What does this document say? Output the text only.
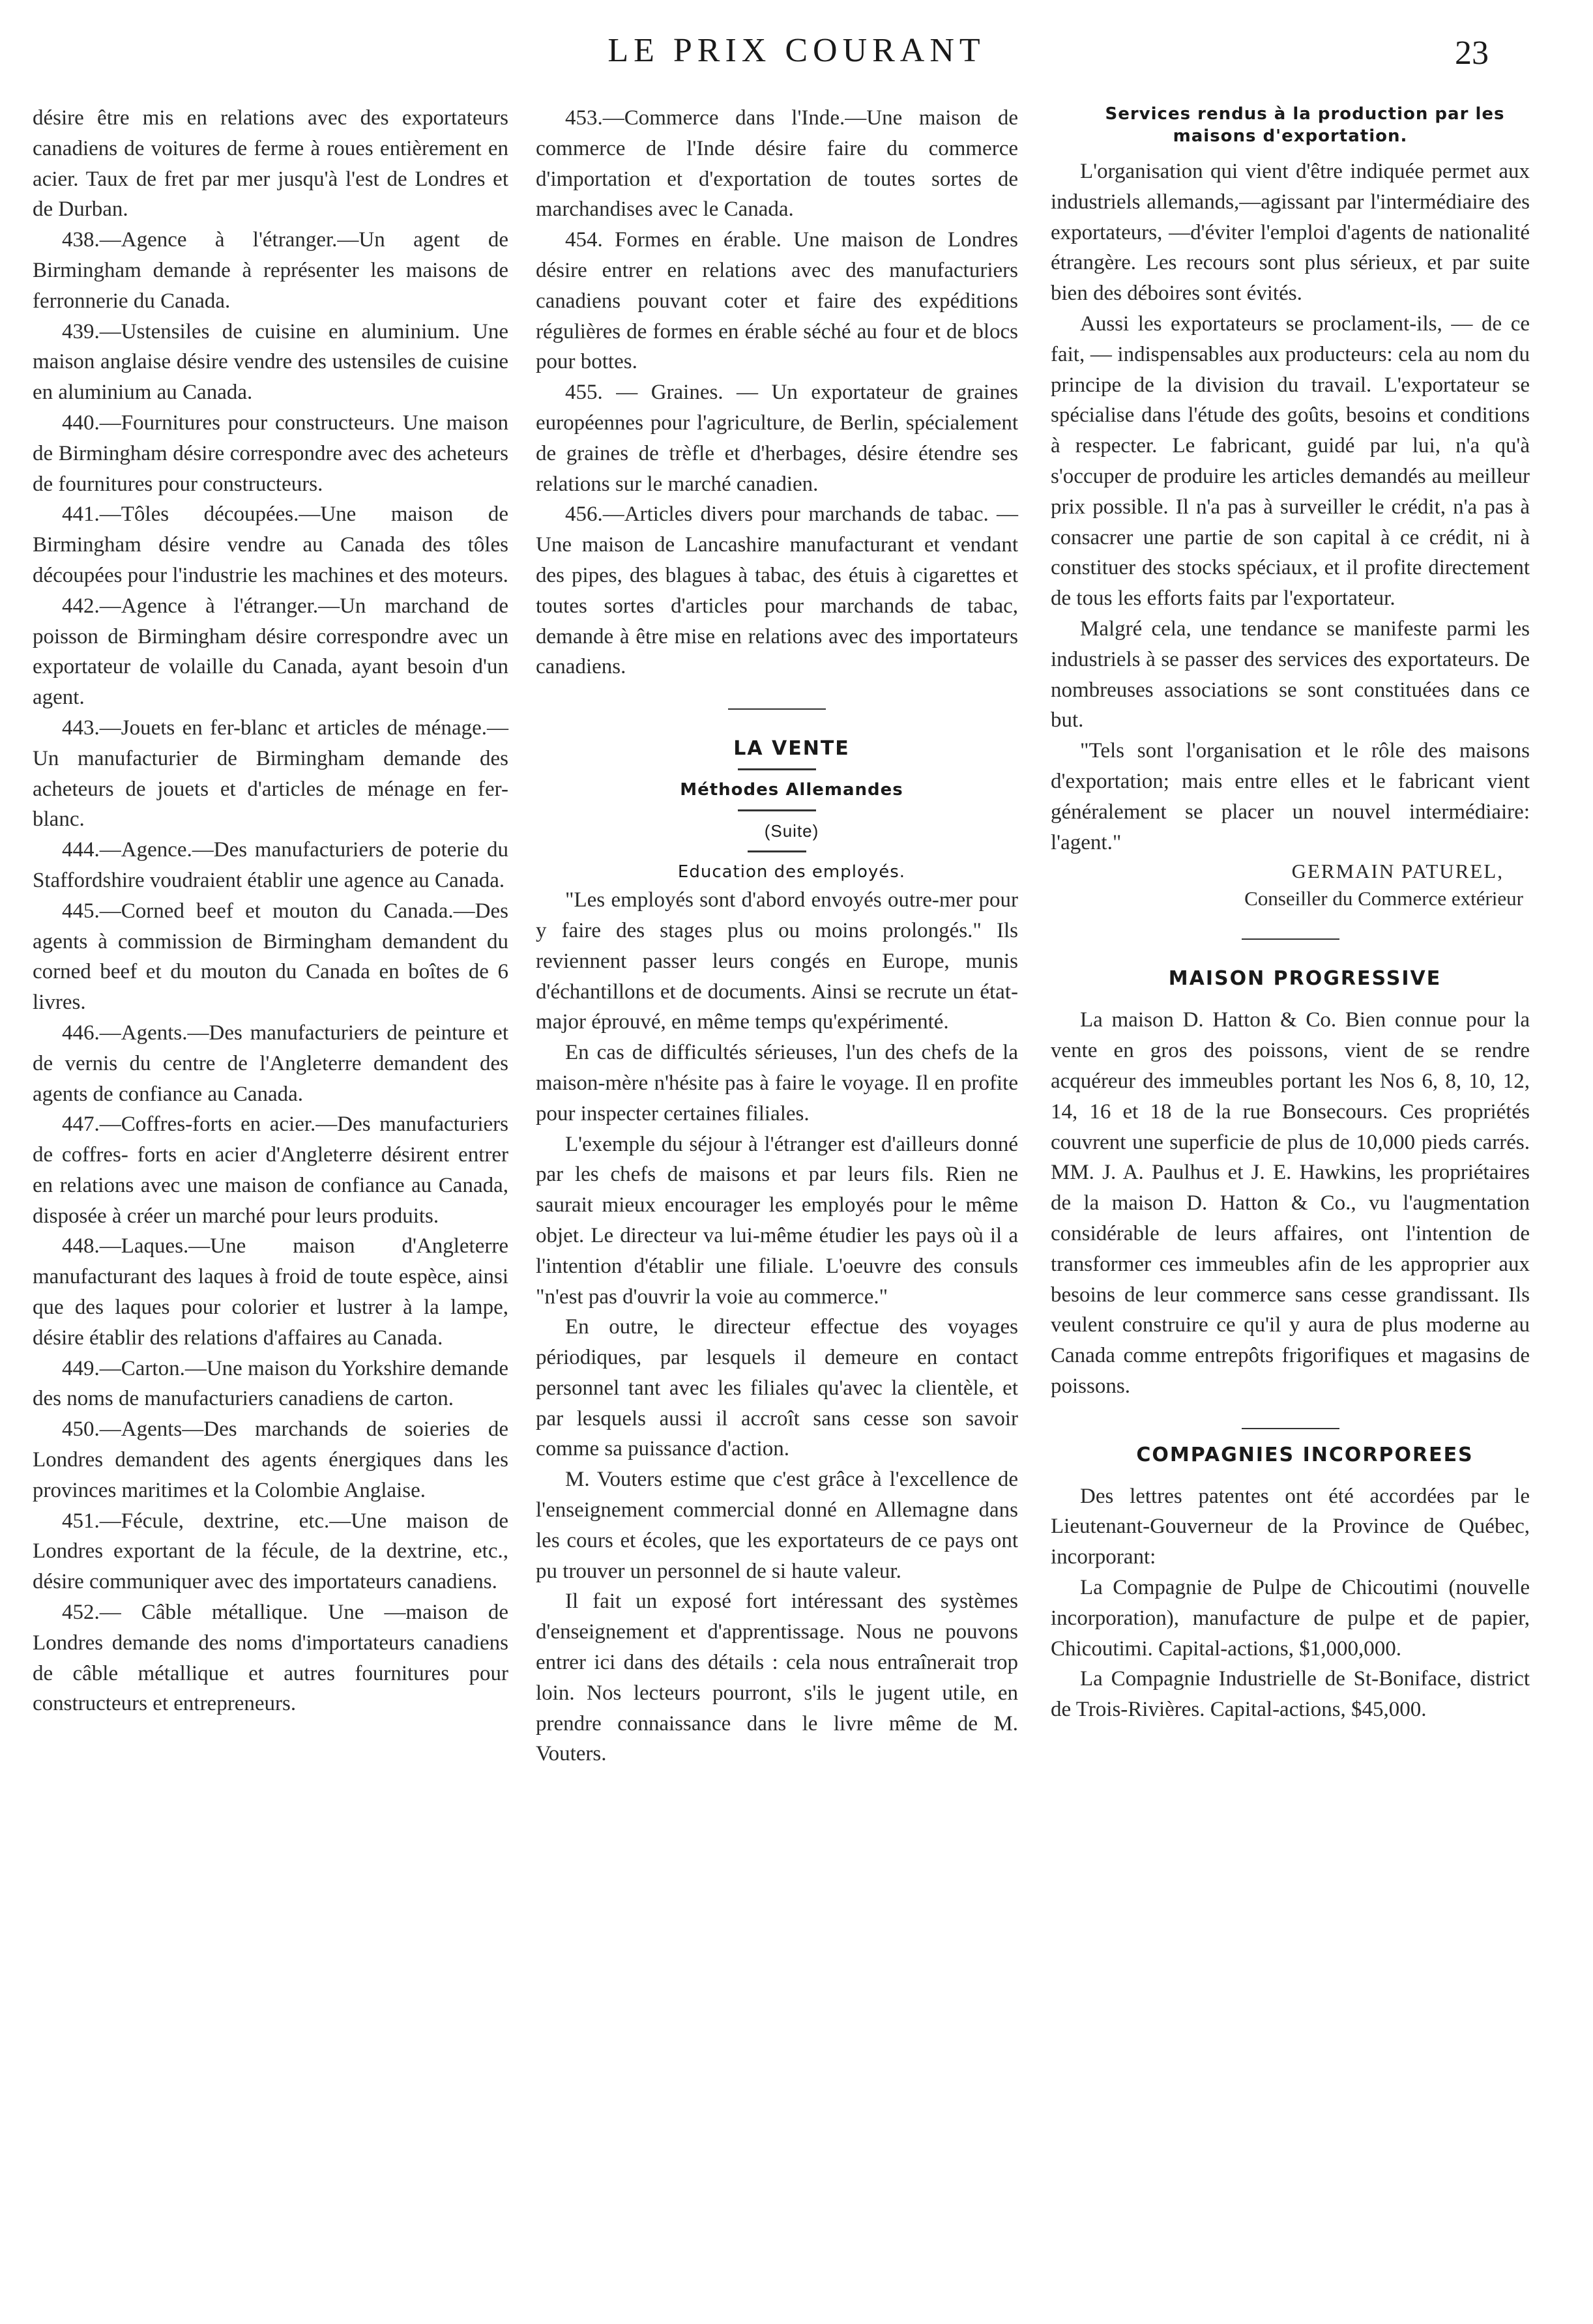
LE PRIX COURANT	23

désire être mis en relations avec des exportateurs canadiens de voitures de ferme à roues entièrement en acier. Taux de fret par mer jusqu'à l'est de Londres et de Durban.

438.—Agence à l'étranger.—Un agent de Birmingham demande à représenter les maisons de ferronnerie du Canada.

439.—Ustensiles de cuisine en aluminium. Une maison anglaise désire vendre des ustensiles de cuisine en aluminium au Canada.

440.—Fournitures pour constructeurs. Une maison de Birmingham désire correspondre avec des acheteurs de fournitures pour constructeurs.

441.—Tôles découpées.—Une maison de Birmingham désire vendre au Canada des tôles découpées pour l'industrie les machines et des moteurs.

442.—Agence à l'étranger.—Un marchand de poisson de Birmingham désire correspondre avec un exportateur de volaille du Canada, ayant besoin d'un agent.

443.—Jouets en fer-blanc et articles de ménage.—Un manufacturier de Birmingham demande des acheteurs de jouets et d'articles de ménage en fer-blanc.

444.—Agence.—Des manufacturiers de poterie du Staffordshire voudraient établir une agence au Canada.

445.—Corned beef et mouton du Canada.—Des agents à commission de Birmingham demandent du corned beef et du mouton du Canada en boîtes de 6 livres.

446.—Agents.—Des manufacturiers de peinture et de vernis du centre de l'Angleterre demandent des agents de confiance au Canada.

447.—Coffres-forts en acier.—Des manufacturiers de coffres- forts en acier d'Angleterre désirent entrer en relations avec une maison de confiance au Canada, disposée à créer un marché pour leurs produits.

448.—Laques.—Une maison d'Angleterre manufacturant des laques à froid de toute espèce, ainsi que des laques pour colorier et lustrer à la lampe, désire établir des relations d'affaires au Canada.

449.—Carton.—Une maison du Yorkshire demande des noms de manufacturiers canadiens de carton.

450.—Agents—Des marchands de soieries de Londres demandent des agents énergiques dans les provinces maritimes et la Colombie Anglaise.

451.—Fécule, dextrine, etc.—Une maison de Londres exportant de la fécule, de la dextrine, etc., désire communiquer avec des importateurs canadiens.

452.— Câble métallique. Une —maison de Londres demande des noms d'importateurs canadiens de câble métallique et autres fournitures pour constructeurs et entrepreneurs.

453.—Commerce dans l'Inde.—Une maison de commerce de l'Inde désire faire du commerce d'importation et d'exportation de toutes sortes de marchandises avec le Canada.

454. Formes en érable. Une maison de Londres désire entrer en relations avec des manufacturiers canadiens pouvant coter et faire des expéditions régulières de formes en érable séché au four et de blocs pour bottes.

455. — Graines. — Un exportateur de graines européennes pour l'agriculture, de Berlin, spécialement de graines de trèfle et d'herbages, désire étendre ses relations sur le marché canadien.

456.—Articles divers pour marchands de tabac. — Une maison de Lancashire manufacturant et vendant des pipes, des blagues à tabac, des étuis à cigarettes et toutes sortes d'articles pour marchands de tabac, demande à être mise en relations avec des importateurs canadiens.

LA VENTE

Méthodes Allemandes

(Suite)

Education des employés.

"Les employés sont d'abord envoyés outre-mer pour y faire des stages plus ou moins prolongés." Ils reviennent passer leurs congés en Europe, munis d'échantillons et de documents. Ainsi se recrute un état-major éprouvé, en même temps qu'expérimenté.

En cas de difficultés sérieuses, l'un des chefs de la maison-mère n'hésite pas à faire le voyage. Il en profite pour inspecter certaines filiales.

L'exemple du séjour à l'étranger est d'ailleurs donné par les chefs de maisons et par leurs fils. Rien ne saurait mieux encourager les employés pour le même objet. Le directeur va lui-même étudier les pays où il a l'intention d'établir une filiale. L'oeuvre des consuls "n'est pas d'ouvrir la voie au commerce."

En outre, le directeur effectue des voyages périodiques, par lesquels il demeure en contact personnel tant avec les filiales qu'avec la clientèle, et par lesquels aussi il accroît sans cesse son savoir comme sa puissance d'action.

M. Vouters estime que c'est grâce à l'excellence de l'enseignement commercial donné en Allemagne dans les cours et écoles, que les exportateurs de ce pays ont pu trouver un personnel de si haute valeur.

Il fait un exposé fort intéressant des systèmes d'enseignement et d'apprentissage. Nous ne pouvons entrer ici dans des détails : cela nous entraînerait trop loin. Nos lecteurs pourront, s'ils le jugent utile, en prendre connaissance dans le livre même de M. Vouters.

Services rendus à la production par les maisons d'exportation.

L'organisation qui vient d'être indiquée permet aux industriels allemands,—agissant par l'intermédiaire des exportateurs, —d'éviter l'emploi d'agents de nationalité étrangère. Les recours sont plus sérieux, et par suite bien des déboires sont évités.

Aussi les exportateurs se proclament-ils, — de ce fait, — indispensables aux producteurs: cela au nom du principe de la division du travail. L'exportateur se spécialise dans l'étude des goûts, besoins et conditions à respecter. Le fabricant, guidé par lui, n'a qu'à s'occuper de produire les articles demandés au meilleur prix possible. Il n'a pas à surveiller le crédit, n'a pas à consacrer une partie de son capital à ce crédit, ni à constituer des stocks spéciaux, et il profite directement de tous les efforts faits par l'exportateur.

Malgré cela, une tendance se manifeste parmi les industriels à se passer des services des exportateurs. De nombreuses associations se sont constituées dans ce but.

"Tels sont l'organisation et le rôle des maisons d'exportation; mais entre elles et le fabricant vient généralement se placer un nouvel intermédiaire: l'agent."

GERMAIN PATUREL,

Conseiller du Commerce extérieur

MAISON PROGRESSIVE

La maison D. Hatton & Co. Bien connue pour la vente en gros des poissons, vient de se rendre acquéreur des immeubles portant les Nos 6, 8, 10, 12, 14, 16 et 18 de la rue Bonsecours. Ces propriétés couvrent une superficie de plus de 10,000 pieds carrés. MM. J. A. Paulhus et J. E. Hawkins, les propriétaires de la maison D. Hatton & Co., vu l'augmentation considérable de leurs affaires, ont l'intention de transformer ces immeubles afin de les approprier aux besoins de leur commerce sans cesse grandissant. Ils veulent construire ce qu'il y aura de plus moderne au Canada comme entrepôts frigorifiques et magasins de poissons.

COMPAGNIES INCORPOREES

Des lettres patentes ont été accordées par le Lieutenant-Gouverneur de la Province de Québec, incorporant:

La Compagnie de Pulpe de Chicoutimi (nouvelle incorporation), manufacture de pulpe et de papier, Chicoutimi. Capital-actions, $1,000,000.

La Compagnie Industrielle de St-Boniface, district de Trois-Rivières. Capital-actions, $45,000.
